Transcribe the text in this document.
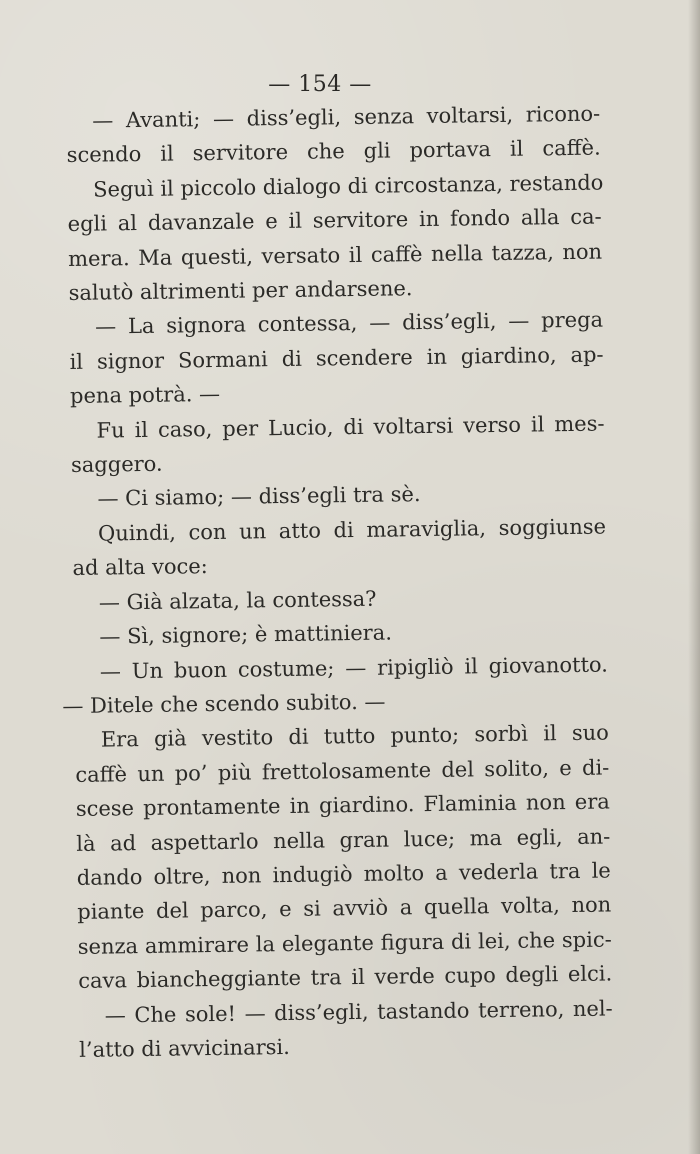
— 154 —
— Avanti; — diss’egli, senza voltarsi, ricono-
scendo il servitore che gli portava il caffè.
Seguì il piccolo dialogo di circostanza, restando
egli al davanzale e il servitore in fondo alla ca-
mera. Ma questi, versato il caffè nella tazza, non
salutò altrimenti per andarsene.
— La signora contessa, — diss’egli, — prega
il signor Sormani di scendere in giardino, ap-
pena potrà. —
Fu il caso, per Lucio, di voltarsi verso il mes-
saggero.
— Ci siamo; — diss’egli tra sè.
Quindi, con un atto di maraviglia, soggiunse
ad alta voce:
— Già alzata, la contessa?
— Sì, signore; è mattiniera.
— Un buon costume; — ripigliò il giovanotto.
— Ditele che scendo subito. —
Era già vestito di tutto punto; sorbì il suo
caffè un po’ più frettolosamente del solito, e di-
scese prontamente in giardino. Flaminia non era
là ad aspettarlo nella gran luce; ma egli, an-
dando oltre, non indugiò molto a vederla tra le
piante del parco, e si avviò a quella volta, non
senza ammirare la elegante figura di lei, che spic-
cava biancheggiante tra il verde cupo degli elci.
— Che sole! — diss’egli, tastando terreno, nel-
l’atto di avvicinarsi.
